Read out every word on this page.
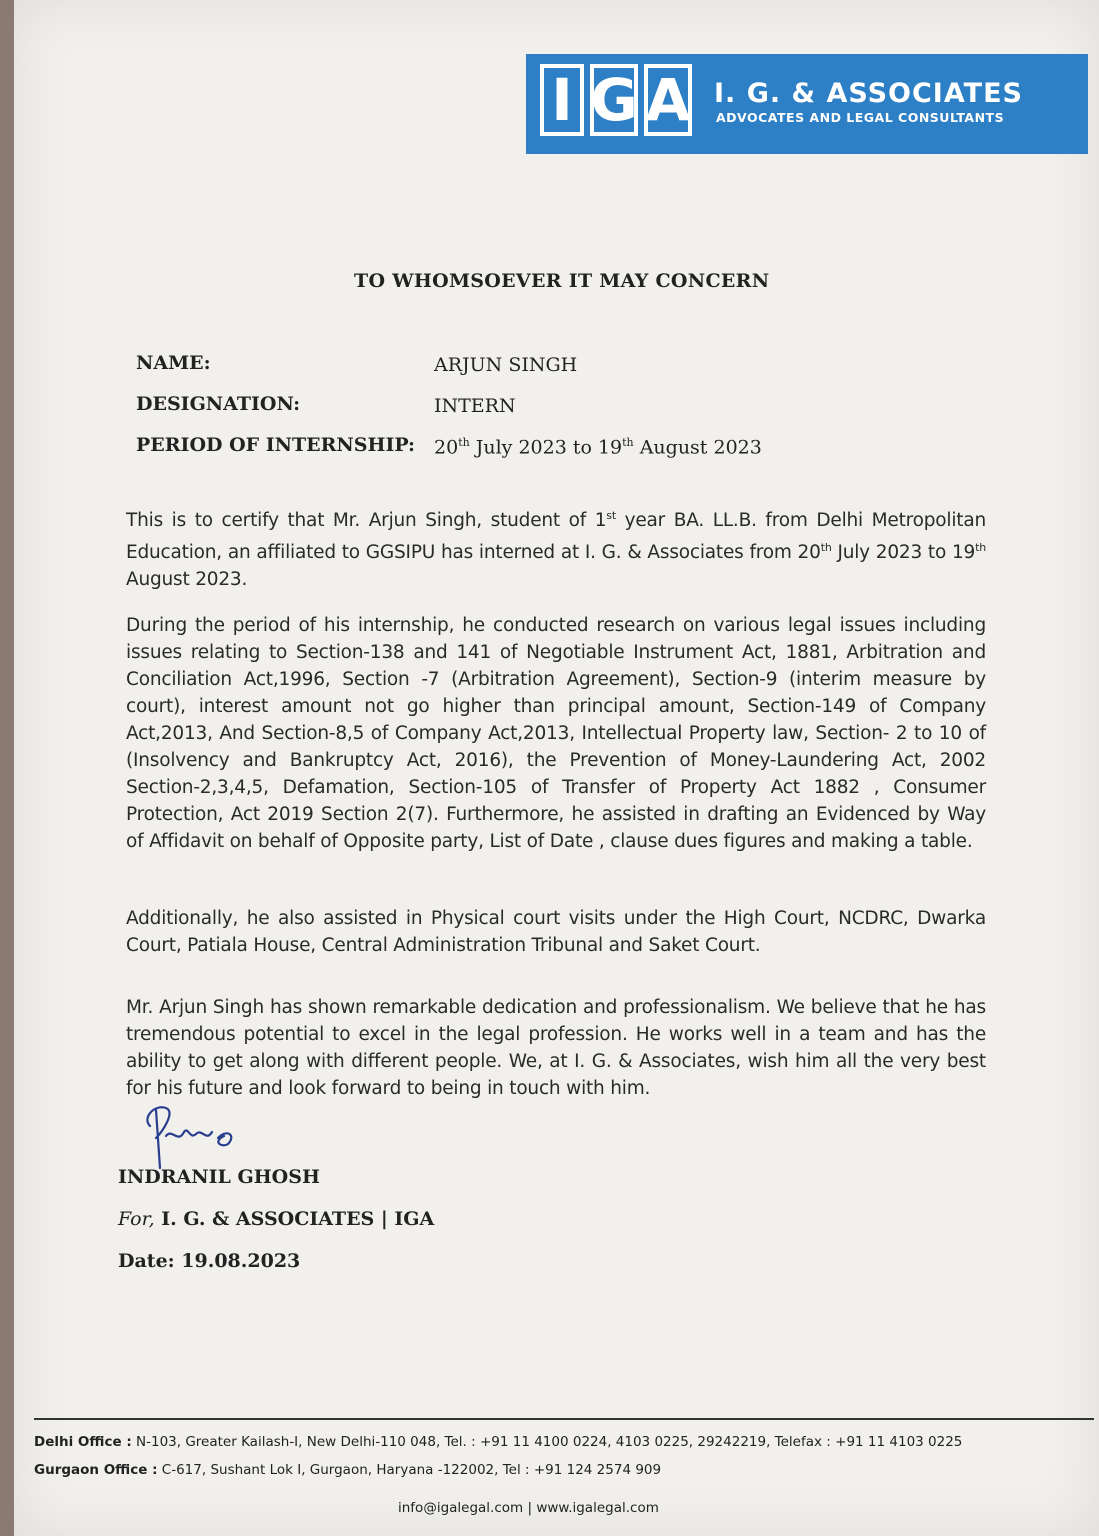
I G A I. G. & ASSOCIATES
ADVOCATES AND LEGAL CONSULTANTS
TO WHOMSOEVER IT MAY CONCERN
NAME:	ARJUN SINGH
DESIGNATION:	INTERN
PERIOD OF INTERNSHIP: 20th July 2023 to 19th August 2023
This is to certify that Mr. Arjun Singh, student of 1st year BA. LL.B. from Delhi Metropolitan Education, an affiliated to GGSIPU has interned at I. G. & Associates from 20th July 2023 to 19th August 2023.
During the period of his internship, he conducted research on various legal issues including issues relating to Section-138 and 141 of Negotiable Instrument Act, 1881, Arbitration and Conciliation Act,1996, Section -7 (Arbitration Agreement), Section-9 (interim measure by court), interest amount not go higher than principal amount, Section-149 of Company Act,2013, And Section-8,5 of Company Act,2013, Intellectual Property law, Section- 2 to 10 of (Insolvency and Bankruptcy Act, 2016), the Prevention of Money-Laundering Act, 2002 Section-2,3,4,5, Defamation, Section-105 of Transfer of Property Act 1882 , Consumer Protection, Act 2019 Section 2(7). Furthermore, he assisted in drafting an Evidenced by Way of Affidavit on behalf of Opposite party, List of Date , clause dues figures and making a table.
Additionally, he also assisted in Physical court visits under the High Court, NCDRC, Dwarka Court, Patiala House, Central Administration Tribunal and Saket Court.
Mr. Arjun Singh has shown remarkable dedication and professionalism. We believe that he has tremendous potential to excel in the legal profession. He works well in a team and has the ability to get along with different people. We, at I. G. & Associates, wish him all the very best for his future and look forward to being in touch with him.
INDRANIL GHOSH
For, I. G. & ASSOCIATES | IGA
Date: 19.08.2023
Delhi Office : N-103, Greater Kailash-I, New Delhi-110 048, Tel. : +91 11 4100 0224, 4103 0225, 29242219, Telefax : +91 11 4103 0225
Gurgaon Office : C-617, Sushant Lok I, Gurgaon, Haryana -122002, Tel : +91 124 2574 909
info@igalegal.com | www.igalegal.com
